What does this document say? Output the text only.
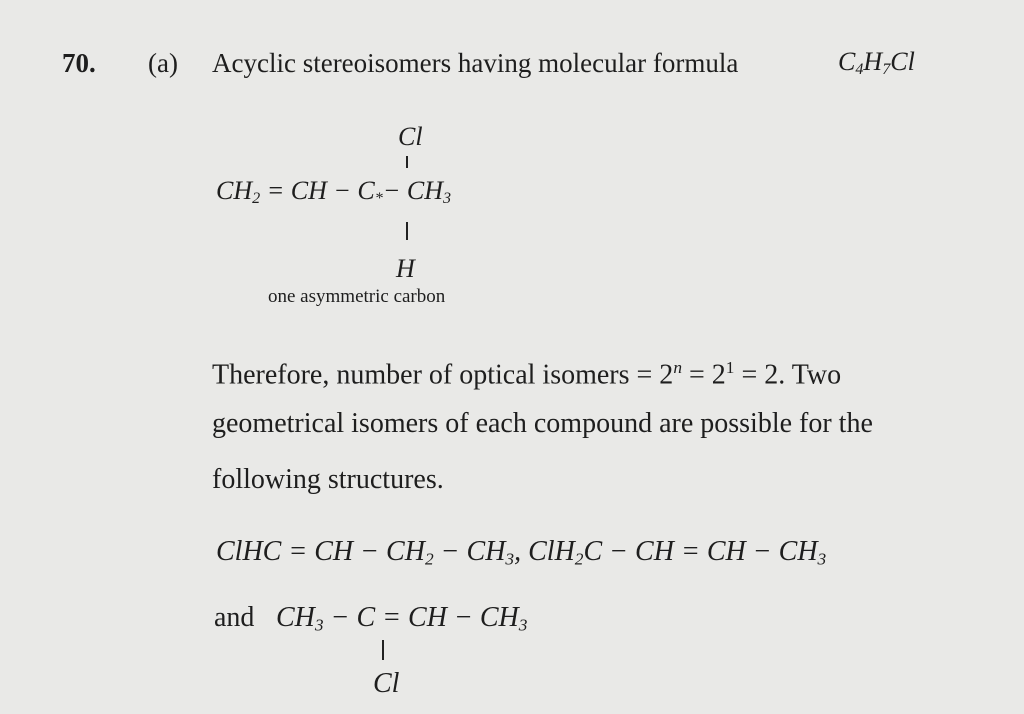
70. (a) Acyclic stereoisomers having molecular formula	$C_4H_7Cl$
Cl
$CH_2$ = CH − $C_*- CH_3$
H
one asymmetric carbon
Therefore, number of optical isomers = $2^n = 2^1 = 2$. Two
geometrical isomers of each compound are possible for the
following structures.
ClHC = CH − $CH_2 - CH_3$, ClH$_2$C − CH = CH − $CH_3$
and $CH_3 - C$ = CH − $CH_3$
Cl
